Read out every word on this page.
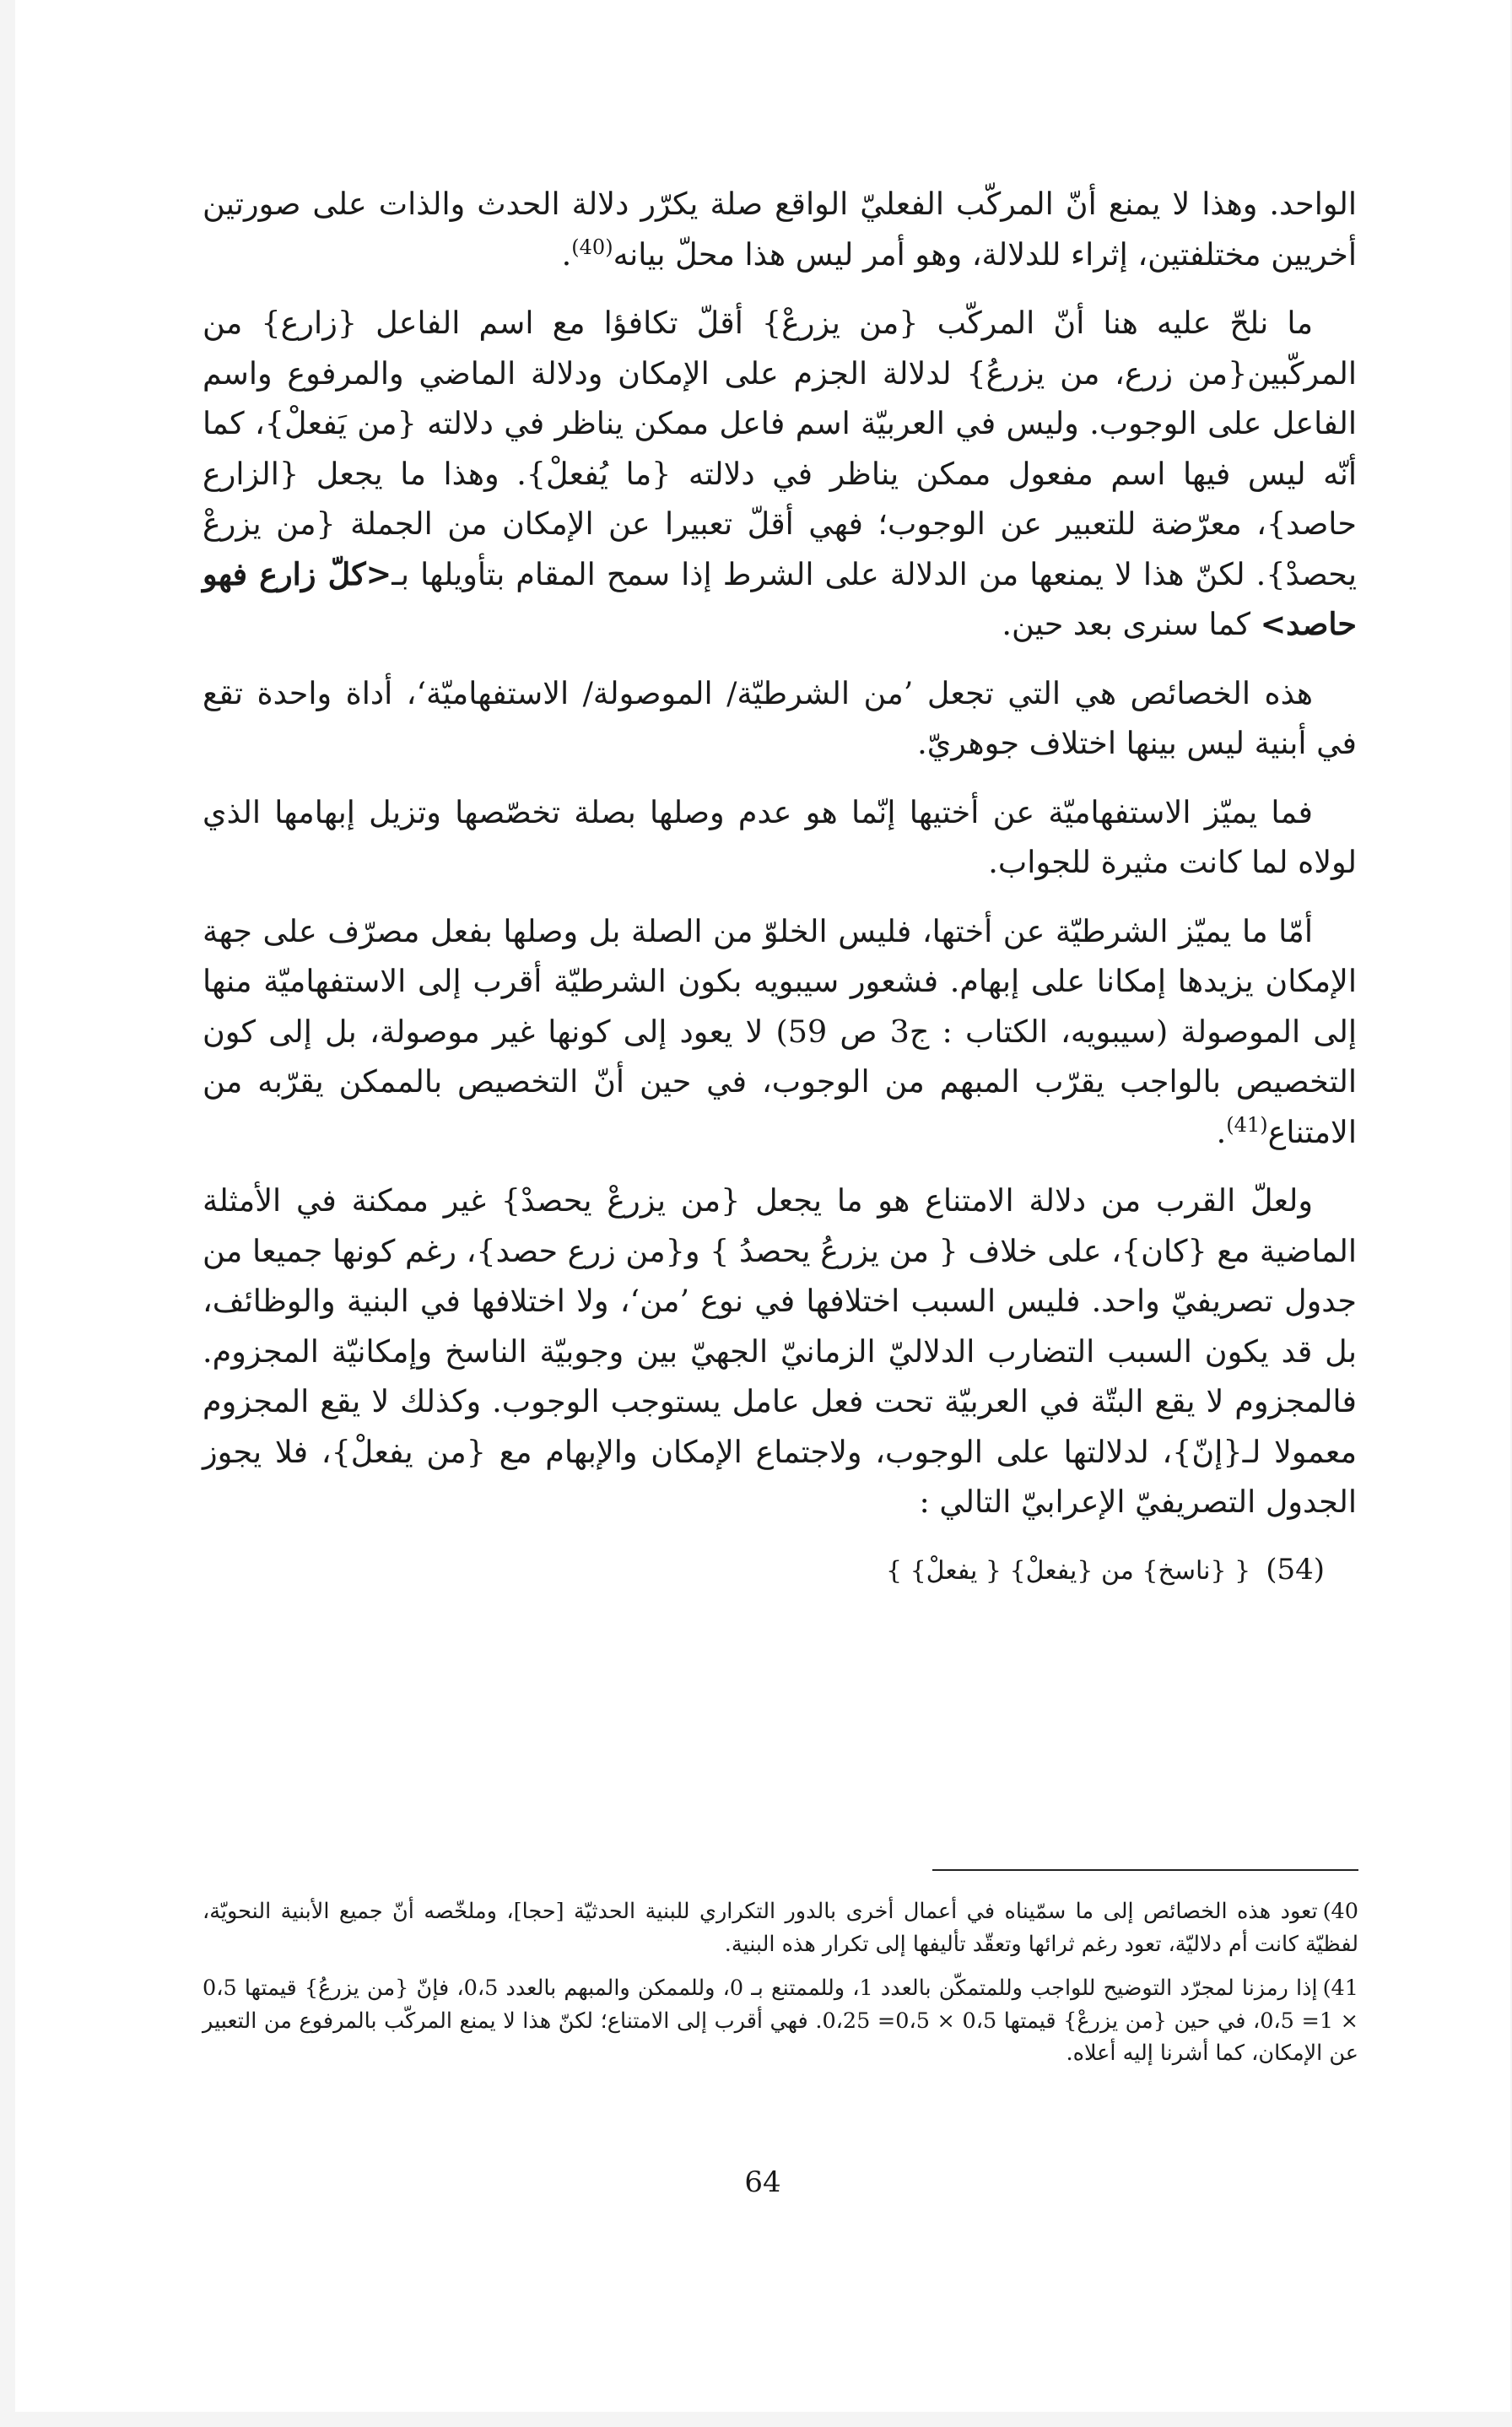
الواحد. وهذا لا يمنع أنّ المركّب الفعليّ الواقع صلة يكرّر دلالة الحدث والذات على صورتين أخريين مختلفتين، إثراء للدلالة، وهو أمر ليس هذا محلّ بيانه$^{(40)}$.

ما نلحّ عليه هنا أنّ المركّب {من يزرعْ} أقلّ تكافؤا مع اسم الفاعل {زارع} من المركّبين{من زرع، من يزرعُ} لدلالة الجزم على الإمكان ودلالة الماضي والمرفوع واسم الفاعل على الوجوب. وليس في العربيّة اسم فاعل ممكن يناظر في دلالته {من يَفعلْ}، كما أنّه ليس فيها اسم مفعول ممكن يناظر في دلالته {ما يُفعلْ}. وهذا ما يجعل {الزارع حاصد}، معرّضة للتعبير عن الوجوب؛ فهي أقلّ تعبيرا عن الإمكان من الجملة {من يزرعْ يحصدْ}. لكنّ هذا لا يمنعها من الدلالة على الشرط إذا سمح المقام بتأويلها بـ<كلّ زارع فهو حاصد> كما سنرى بعد حين.

هذه الخصائص هي التي تجعل ’من الشرطيّة/ الموصولة/ الاستفهاميّة‘، أداة واحدة تقع في أبنية ليس بينها اختلاف جوهريّ.

فما يميّز الاستفهاميّة عن أختيها إنّما هو عدم وصلها بصلة تخصّصها وتزيل إبهامها الذي لولاه لما كانت مثيرة للجواب.

أمّا ما يميّز الشرطيّة عن أختها، فليس الخلوّ من الصلة بل وصلها بفعل مصرّف على جهة الإمكان يزيدها إمكانا على إبهام. فشعور سيبويه بكون الشرطيّة أقرب إلى الاستفهاميّة منها إلى الموصولة (سيبويه، الكتاب : ج3 ص 59) لا يعود إلى كونها غير موصولة، بل إلى كون التخصيص بالواجب يقرّب المبهم من الوجوب، في حين أنّ التخصيص بالممكن يقرّبه من الامتناع$^{(41)}$.

ولعلّ القرب من دلالة الامتناع هو ما يجعل {من يزرعْ يحصدْ} غير ممكنة في الأمثلة الماضية مع {كان}، على خلاف { من يزرعُ يحصدُ } و{من زرع حصد}، رغم كونها جميعا من جدول تصريفيّ واحد. فليس السبب اختلافها في نوع ’من‘، ولا اختلافها في البنية والوظائف، بل قد يكون السبب التضارب الدلاليّ الزمانيّ الجهيّ بين وجوبيّة الناسخ وإمكانيّة المجزوم. فالمجزوم لا يقع البتّة في العربيّة تحت فعل عامل يستوجب الوجوب. وكذلك لا يقع المجزوم معمولا لـ{إنّ}، لدلالتها على الوجوب، ولاجتماع الإمكان والإبهام مع {من يفعلْ}، فلا يجوز الجدول التصريفيّ الإعرابيّ التالي :

(54){ {ناسخ} من {يفعلْ} { يفعلْ} }

40)تعود هذه الخصائص إلى ما سمّيناه في أعمال أخرى بالدور التكراري للبنية الحدثيّة [حجا]، وملخّصه أنّ جميع الأبنية النحويّة، لفظيّة كانت أم دلاليّة، تعود رغم ثرائها وتعقّد تأليفها إلى تكرار هذه البنية.

41)إذا رمزنا لمجرّد التوضيح للواجب وللمتمكّن بالعدد 1، وللممتنع بـ 0، وللممكن والمبهم بالعدد 0،5، فإنّ {من يزرعُ} قيمتها 0،5 × 1= 0،5، في حين {من يزرعْ} قيمتها 0،5 × 0،5= 0،25. فهي أقرب إلى الامتناع؛ لكنّ هذا لا يمنع المركّب بالمرفوع من التعبير عن الإمكان، كما أشرنا إليه أعلاه.

64
